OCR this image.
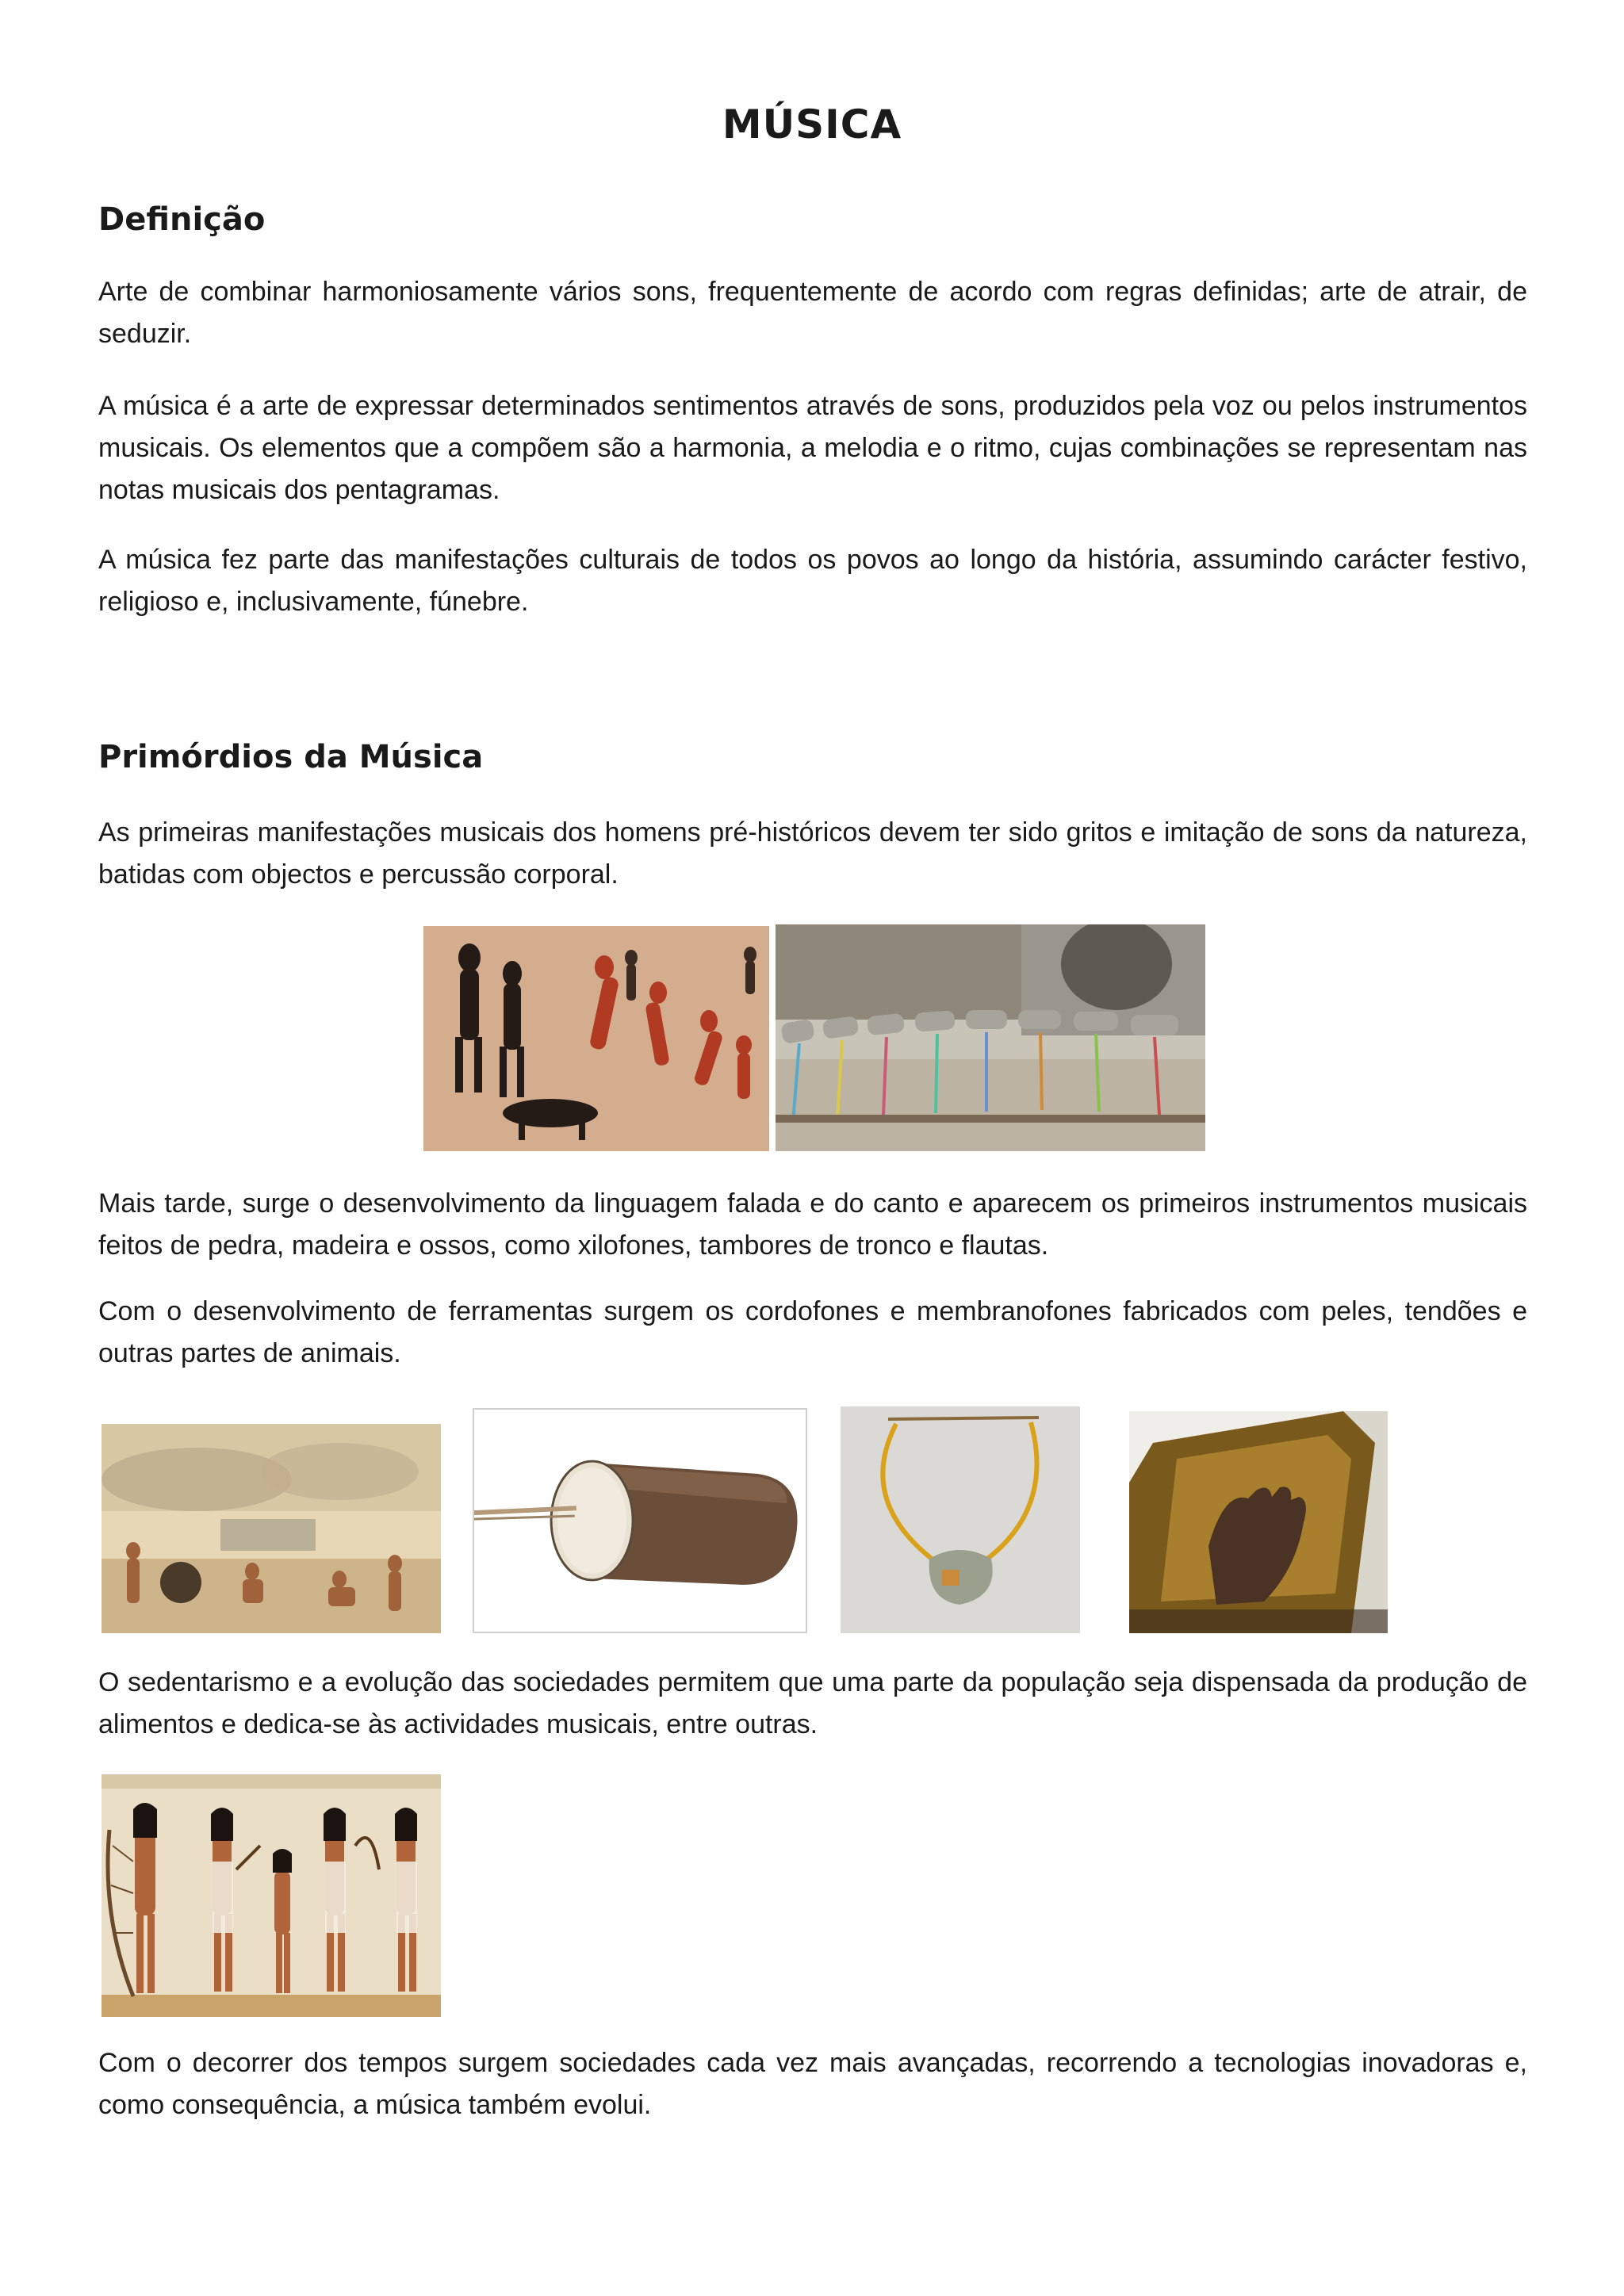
MÚSICA
Definição

Arte de combinar harmoniosamente vários sons, frequentemente de acordo com regras definidas; arte de atrair, de seduzir.

A música é a arte de expressar determinados sentimentos através de sons, produzidos pela voz ou pelos instrumentos musicais. Os elementos que a compõem são a harmonia, a melodia e o ritmo, cujas combinações se representam nas notas musicais dos pentagramas.

A música fez parte das manifestações culturais de todos os povos ao longo da história, assumindo carácter festivo, religioso e, inclusivamente, fúnebre.

Primórdios da Música

As primeiras manifestações musicais dos homens pré-históricos devem ter sido gritos e imitação de sons da natureza, batidas com objectos e percussão corporal.

Mais tarde, surge o desenvolvimento da linguagem falada e do canto e aparecem os primeiros instrumentos musicais feitos de pedra, madeira e ossos, como xilofones, tambores de tronco e flautas.

Com o desenvolvimento de ferramentas surgem os cordofones e membranofones fabricados com peles, tendões e outras partes de animais.

O sedentarismo e a evolução das sociedades permitem que uma parte da população seja dispensada da produção de alimentos e dedica-se às actividades musicais, entre outras.

Com o decorrer dos tempos surgem sociedades cada vez mais avançadas, recorrendo a tecnologias inovadoras e, como consequência, a música também evolui.
